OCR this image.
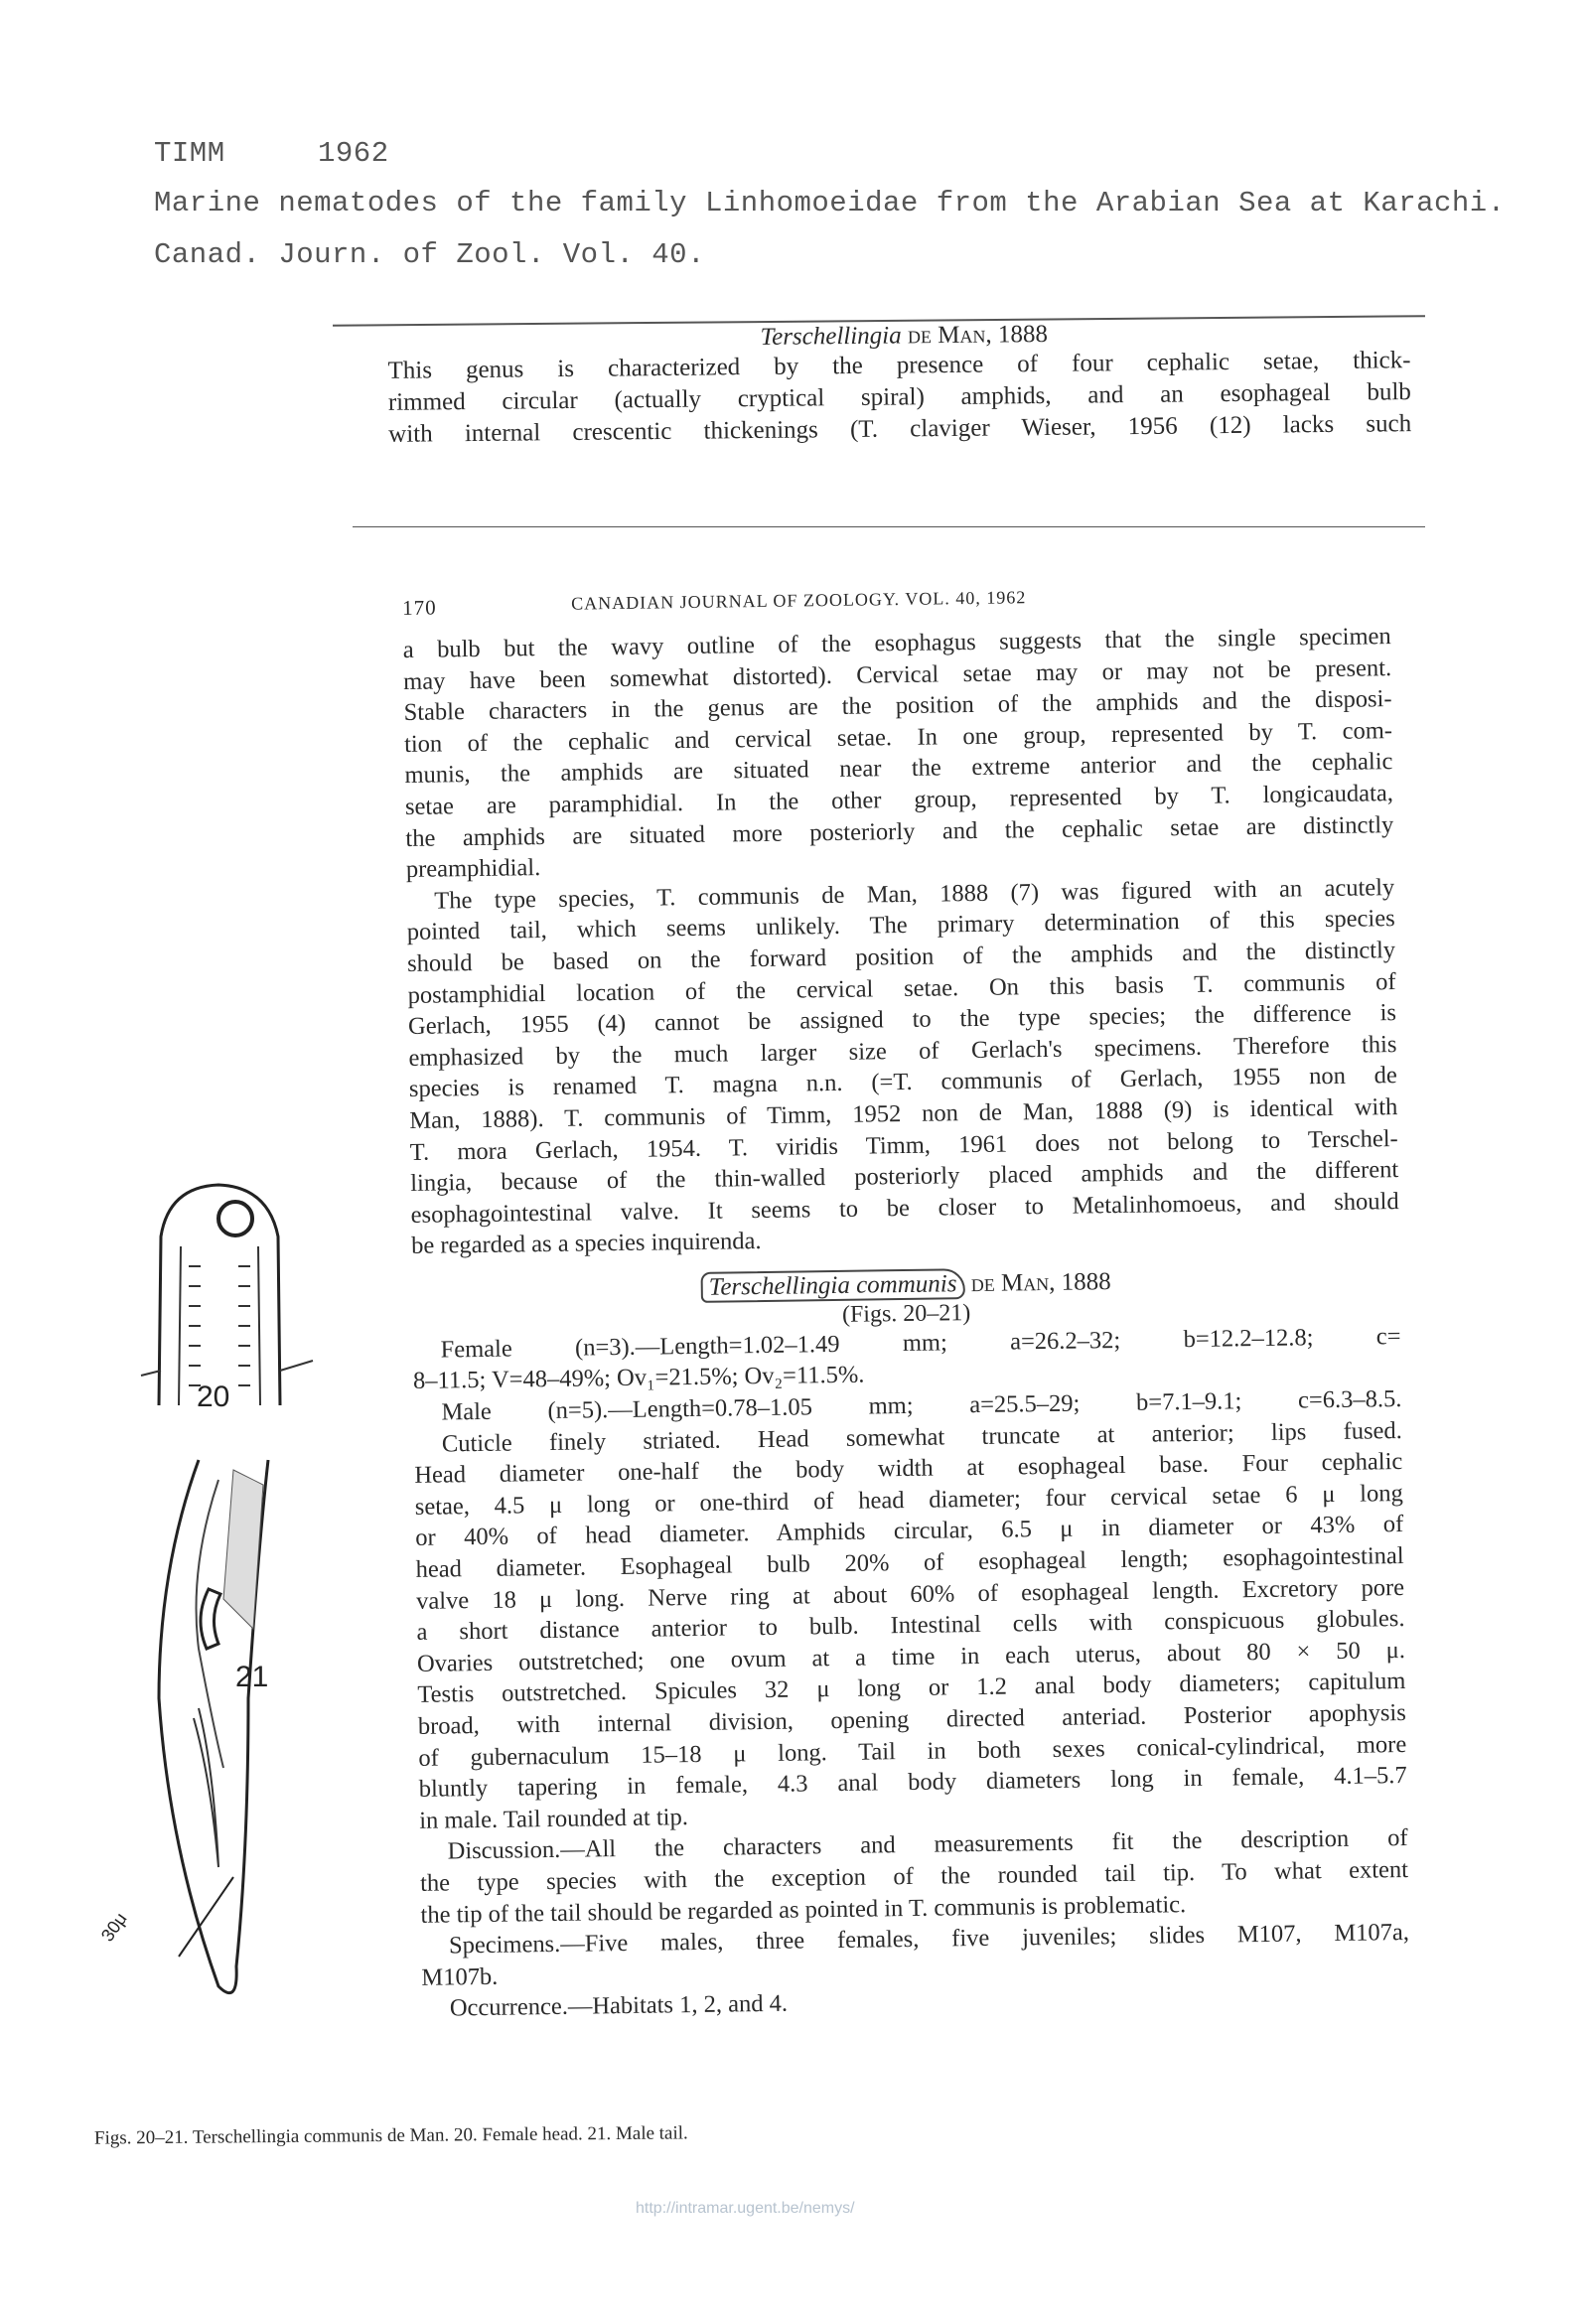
TIMM	1962
Marine nematodes of the family Linhomoeidae from the Arabian Sea at Karachi.
Canad. Journ. of Zool. Vol. 40.
Terschellingia de Man, 1888
This genus is characterized by the presence of four cephalic setae, thick-
rimmed circular (actually cryptical spiral) amphids, and an esophageal bulb
with internal crescentic thickenings (T. claviger Wieser, 1956 (12) lacks such
170	CANADIAN JOURNAL OF ZOOLOGY. VOL. 40, 1962
a bulb but the wavy outline of the esophagus suggests that the single specimen
may have been somewhat distorted). Cervical setae may or may not be present.
Stable characters in the genus are the position of the amphids and the disposi-
tion of the cephalic and cervical setae. In one group, represented by T. com-
munis, the amphids are situated near the extreme anterior and the cephalic
setae are paramphidial. In the other group, represented by T. longicaudata,
the amphids are situated more posteriorly and the cephalic setae are distinctly
preamphidial.
The type species, T. communis de Man, 1888 (7) was figured with an acutely
pointed tail, which seems unlikely. The primary determination of this species
should be based on the forward position of the amphids and the distinctly
postamphidial location of the cervical setae. On this basis T. communis of
Gerlach, 1955 (4) cannot be assigned to the type species; the difference is
emphasized by the much larger size of Gerlach's specimens. Therefore this
species is renamed T. magna n.n. (=T. communis of Gerlach, 1955 non de
Man, 1888). T. communis of Timm, 1952 non de Man, 1888 (9) is identical with
T. mora Gerlach, 1954. T. viridis Timm, 1961 does not belong to Terschel-
lingia, because of the thin-walled posteriorly placed amphids and the different
esophagointestinal valve. It seems to be closer to Metalinhomoeus, and should
be regarded as a species inquirenda.
Terschellingia communis de Man, 1888
(Figs. 20–21)
Female (n=3).—Length=1.02–1.49 mm; a=26.2–32; b=12.2–12.8; c=
8–11.5; V=48–49%; Ov₁=21.5%; Ov₂=11.5%.
Male (n=5).—Length=0.78–1.05 mm; a=25.5–29; b=7.1–9.1; c=6.3–8.5.
Cuticle finely striated. Head somewhat truncate at anterior; lips fused.
Head diameter one-half the body width at esophageal base. Four cephalic
setae, 4.5 μ long or one-third of head diameter; four cervical setae 6 μ long
or 40% of head diameter. Amphids circular, 6.5 μ in diameter or 43% of
head diameter. Esophageal bulb 20% of esophageal length; esophagointestinal
valve 18 μ long. Nerve ring at about 60% of esophageal length. Excretory pore
a short distance anterior to bulb. Intestinal cells with conspicuous globules.
Ovaries outstretched; one ovum at a time in each uterus, about 80 × 50 μ.
Testis outstretched. Spicules 32 μ long or 1.2 anal body diameters; capitulum
broad, with internal division, opening directed anteriad. Posterior apophysis
of gubernaculum 15–18 μ long. Tail in both sexes conical-cylindrical, more
bluntly tapering in female, 4.3 anal body diameters long in female, 4.1–5.7
in male. Tail rounded at tip.
Discussion.—All the characters and measurements fit the description of
the type species with the exception of the rounded tail tip. To what extent
the tip of the tail should be regarded as pointed in T. communis is problematic.
Specimens.—Five males, three females, five juveniles; slides M107, M107a,
M107b.
Occurrence.—Habitats 1, 2, and 4.
http://intramar.ugent.be/nemys/
20
21
30μ
Figs. 20–21. Terschellingia communis de Man. 20. Female head. 21. Male tail.
